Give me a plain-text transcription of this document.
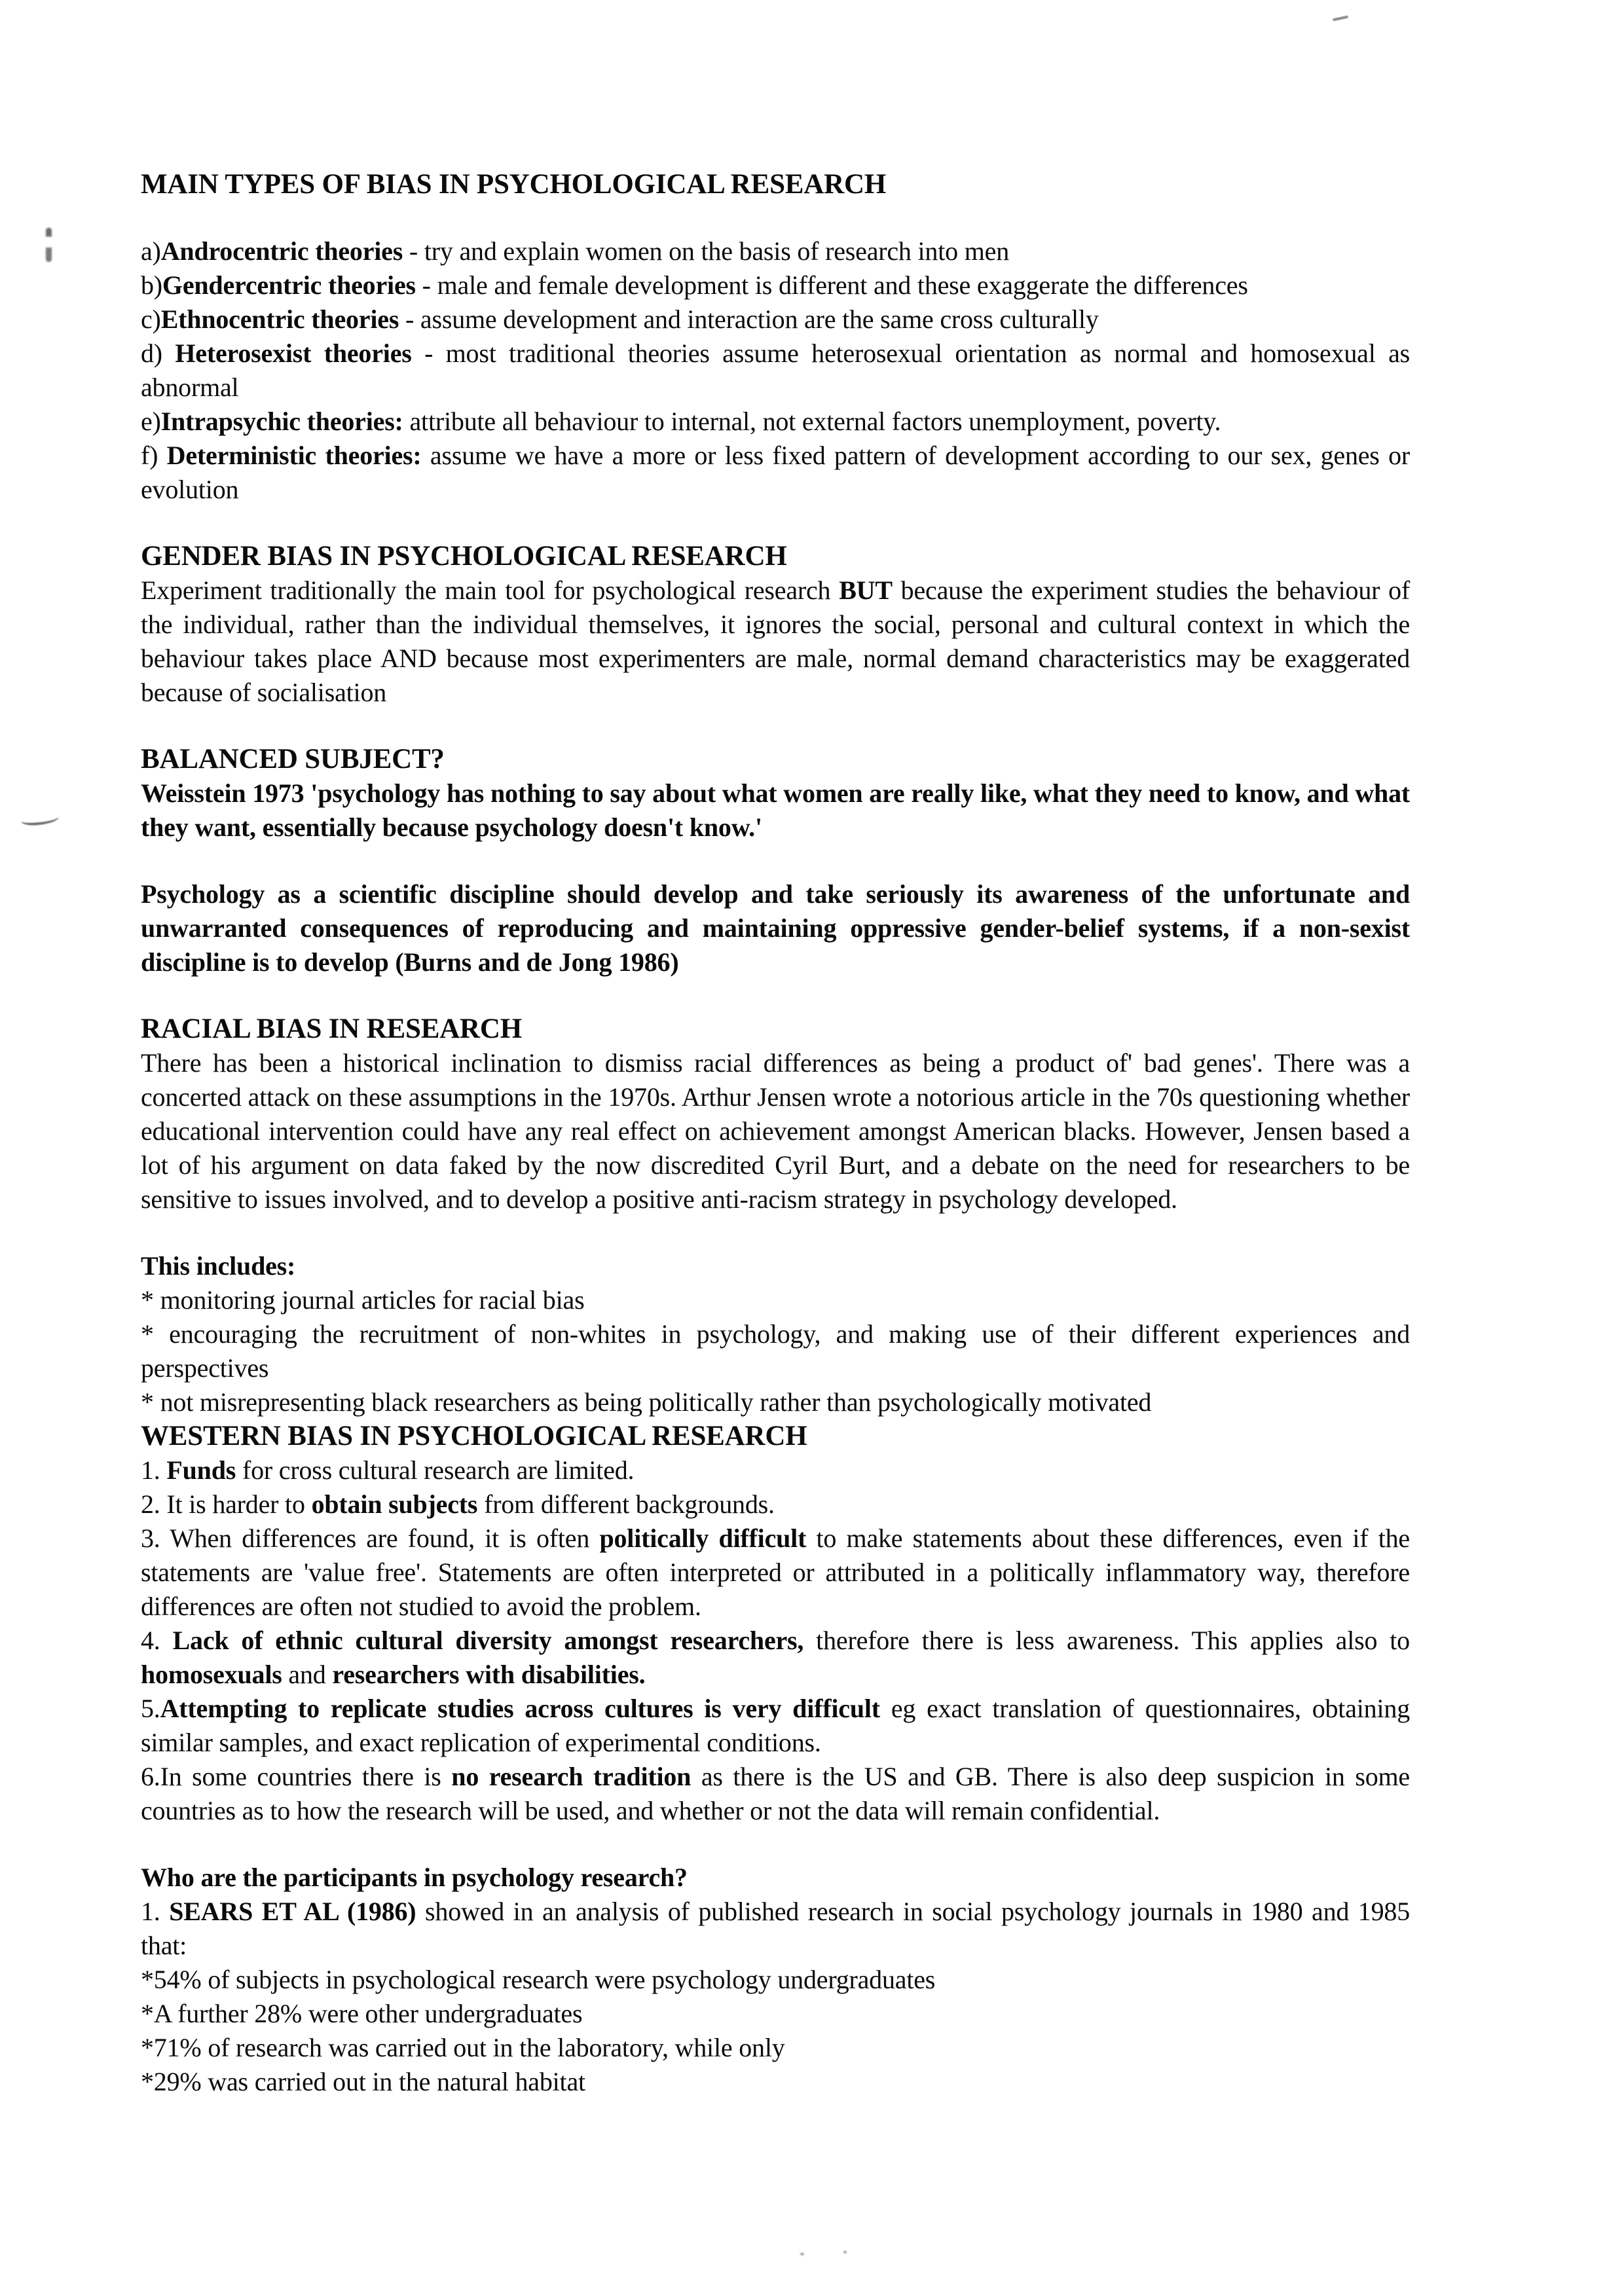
MAIN TYPES OF BIAS IN PSYCHOLOGICAL RESEARCH
a)Androcentric theories - try and explain women on the basis of research into men
b)Gendercentric theories - male and female development is different and these exaggerate the differences
c)Ethnocentric theories - assume development and interaction are the same cross culturally
d) Heterosexist theories - most traditional theories assume heterosexual orientation as normal and homosexual as abnormal
e)Intrapsychic theories: attribute all behaviour to internal, not external factors unemployment, poverty.
f) Deterministic theories: assume we have a more or less fixed pattern of development according to our sex, genes or evolution
GENDER BIAS IN PSYCHOLOGICAL RESEARCH
Experiment traditionally the main tool for psychological research BUT because the experiment studies the behaviour of the individual, rather than the individual themselves, it ignores the social, personal and cultural context in which the behaviour takes place AND because most experimenters are male, normal demand characteristics may be exaggerated because of socialisation
BALANCED SUBJECT?
Weisstein 1973 'psychology has nothing to say about what women are really like, what they need to know, and what they want, essentially because psychology doesn't know.'
Psychology as a scientific discipline should develop and take seriously its awareness of the unfortunate and unwarranted consequences of reproducing and maintaining oppressive gender-belief systems, if a non-sexist discipline is to develop (Burns and de Jong 1986)
RACIAL BIAS IN RESEARCH
There has been a historical inclination to dismiss racial differences as being a product of' bad genes'. There was a concerted attack on these assumptions in the 1970s. Arthur Jensen wrote a notorious article in the 70s questioning whether educational intervention could have any real effect on achievement amongst American blacks. However, Jensen based a lot of his argument on data faked by the now discredited Cyril Burt, and a debate on the need for researchers to be sensitive to issues involved, and to develop a positive anti-racism strategy in psychology developed.
This includes:
* monitoring journal articles for racial bias
* encouraging the recruitment of non-whites in psychology, and making use of their different experiences and perspectives
* not misrepresenting black researchers as being politically rather than psychologically motivated
WESTERN BIAS IN PSYCHOLOGICAL RESEARCH
1. Funds for cross cultural research are limited.
2. It is harder to obtain subjects from different backgrounds.
3. When differences are found, it is often politically difficult to make statements about these differences, even if the statements are 'value free'. Statements are often interpreted or attributed in a politically inflammatory way, therefore differences are often not studied to avoid the problem.
4. Lack of ethnic cultural diversity amongst researchers, therefore there is less awareness. This applies also to homosexuals and researchers with disabilities.
5.Attempting to replicate studies across cultures is very difficult eg exact translation of questionnaires, obtaining similar samples, and exact replication of experimental conditions.
6.In some countries there is no research tradition as there is the US and GB. There is also deep suspicion in some countries as to how the research will be used, and whether or not the data will remain confidential.
Who are the participants in psychology research?
1. SEARS ET AL (1986) showed in an analysis of published research in social psychology journals in 1980 and 1985 that:
*54% of subjects in psychological research were psychology undergraduates
*A further 28% were other undergraduates
*71% of research was carried out in the laboratory, while only
*29% was carried out in the natural habitat
